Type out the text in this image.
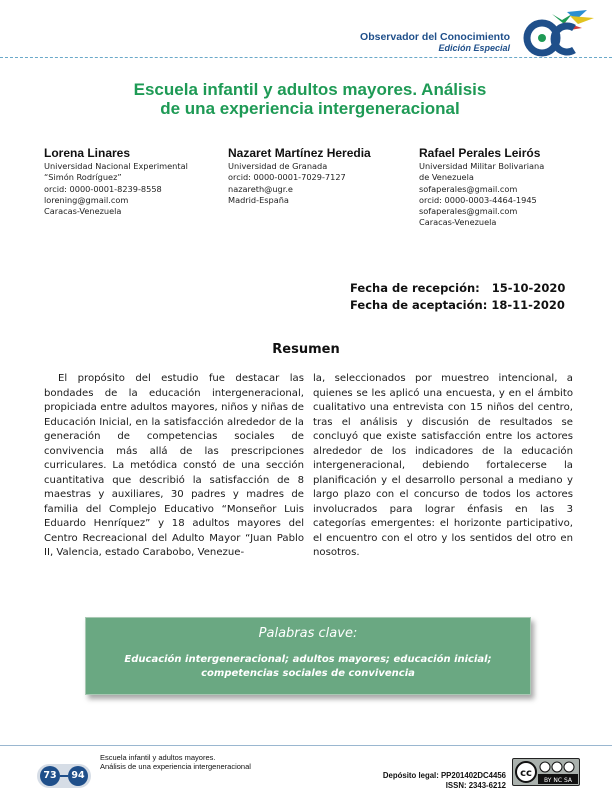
Observador del Conocimiento
Edición Especial
Escuela infantil y adultos mayores. Análisis
de una experiencia intergeneracional
Lorena Linares
Universidad Nacional Experimental
“Simón Rodríguez”
orcid: 0000-0001-8239-8558
lorening@gmail.com
Caracas-Venezuela
Nazaret Martínez Heredia
Universidad de Granada
orcid: 0000-0001-7029-7127
nazareth@ugr.e
Madrid-España
Rafael Perales Leirós
Universidad Militar Bolivariana
de Venezuela
sofaperales@gmail.com
orcid: 0000-0003-4464-1945
sofaperales@gmail.com
Caracas-Venezuela
Fecha de recepción: 15-10-2020
Fecha de aceptación: 18-11-2020
Resumen
El propósito del estudio fue destacar las bondades de la educación intergeneracional, propiciada entre adultos mayores, niños y niñas de Educación Inicial, en la satisfacción alrededor de la generación de competencias sociales de convivencia más allá de las prescripciones curriculares. La metódica constó de una sección cuantitativa que describió la satisfacción de 8 maestras y auxiliares, 30 padres y madres de familia del Complejo Educativo “Monseñor Luis Eduardo Henríquez” y 18 adultos mayores del Centro Recreacional del Adulto Mayor “Juan Pablo II, Valencia, estado Carabobo, Venezue-
la, seleccionados por muestreo intencional, a quienes se les aplicó una encuesta, y en el ámbito cualitativo una entrevista con 15 niños del centro, tras el análisis y discusión de resultados se concluyó que existe satisfacción entre los actores alrededor de los indicadores de la educación intergeneracional, debiendo fortalecerse la planificación y el desarrollo personal a mediano y largo plazo con el concurso de todos los actores involucrados para lograr énfasis en las 3 categorías emergentes: el horizonte participativo, el encuentro con el otro y los sentidos del otro en nosotros.
Palabras clave:
Educación intergeneracional; adultos mayores; educación inicial;
competencias sociales de convivencia
73	94
Escuela infantil y adultos mayores.
Análisis de una experiencia intergeneracional
Depósito legal: PP201402DC4456
ISSN: 2343-6212
cc
BY NC SA
